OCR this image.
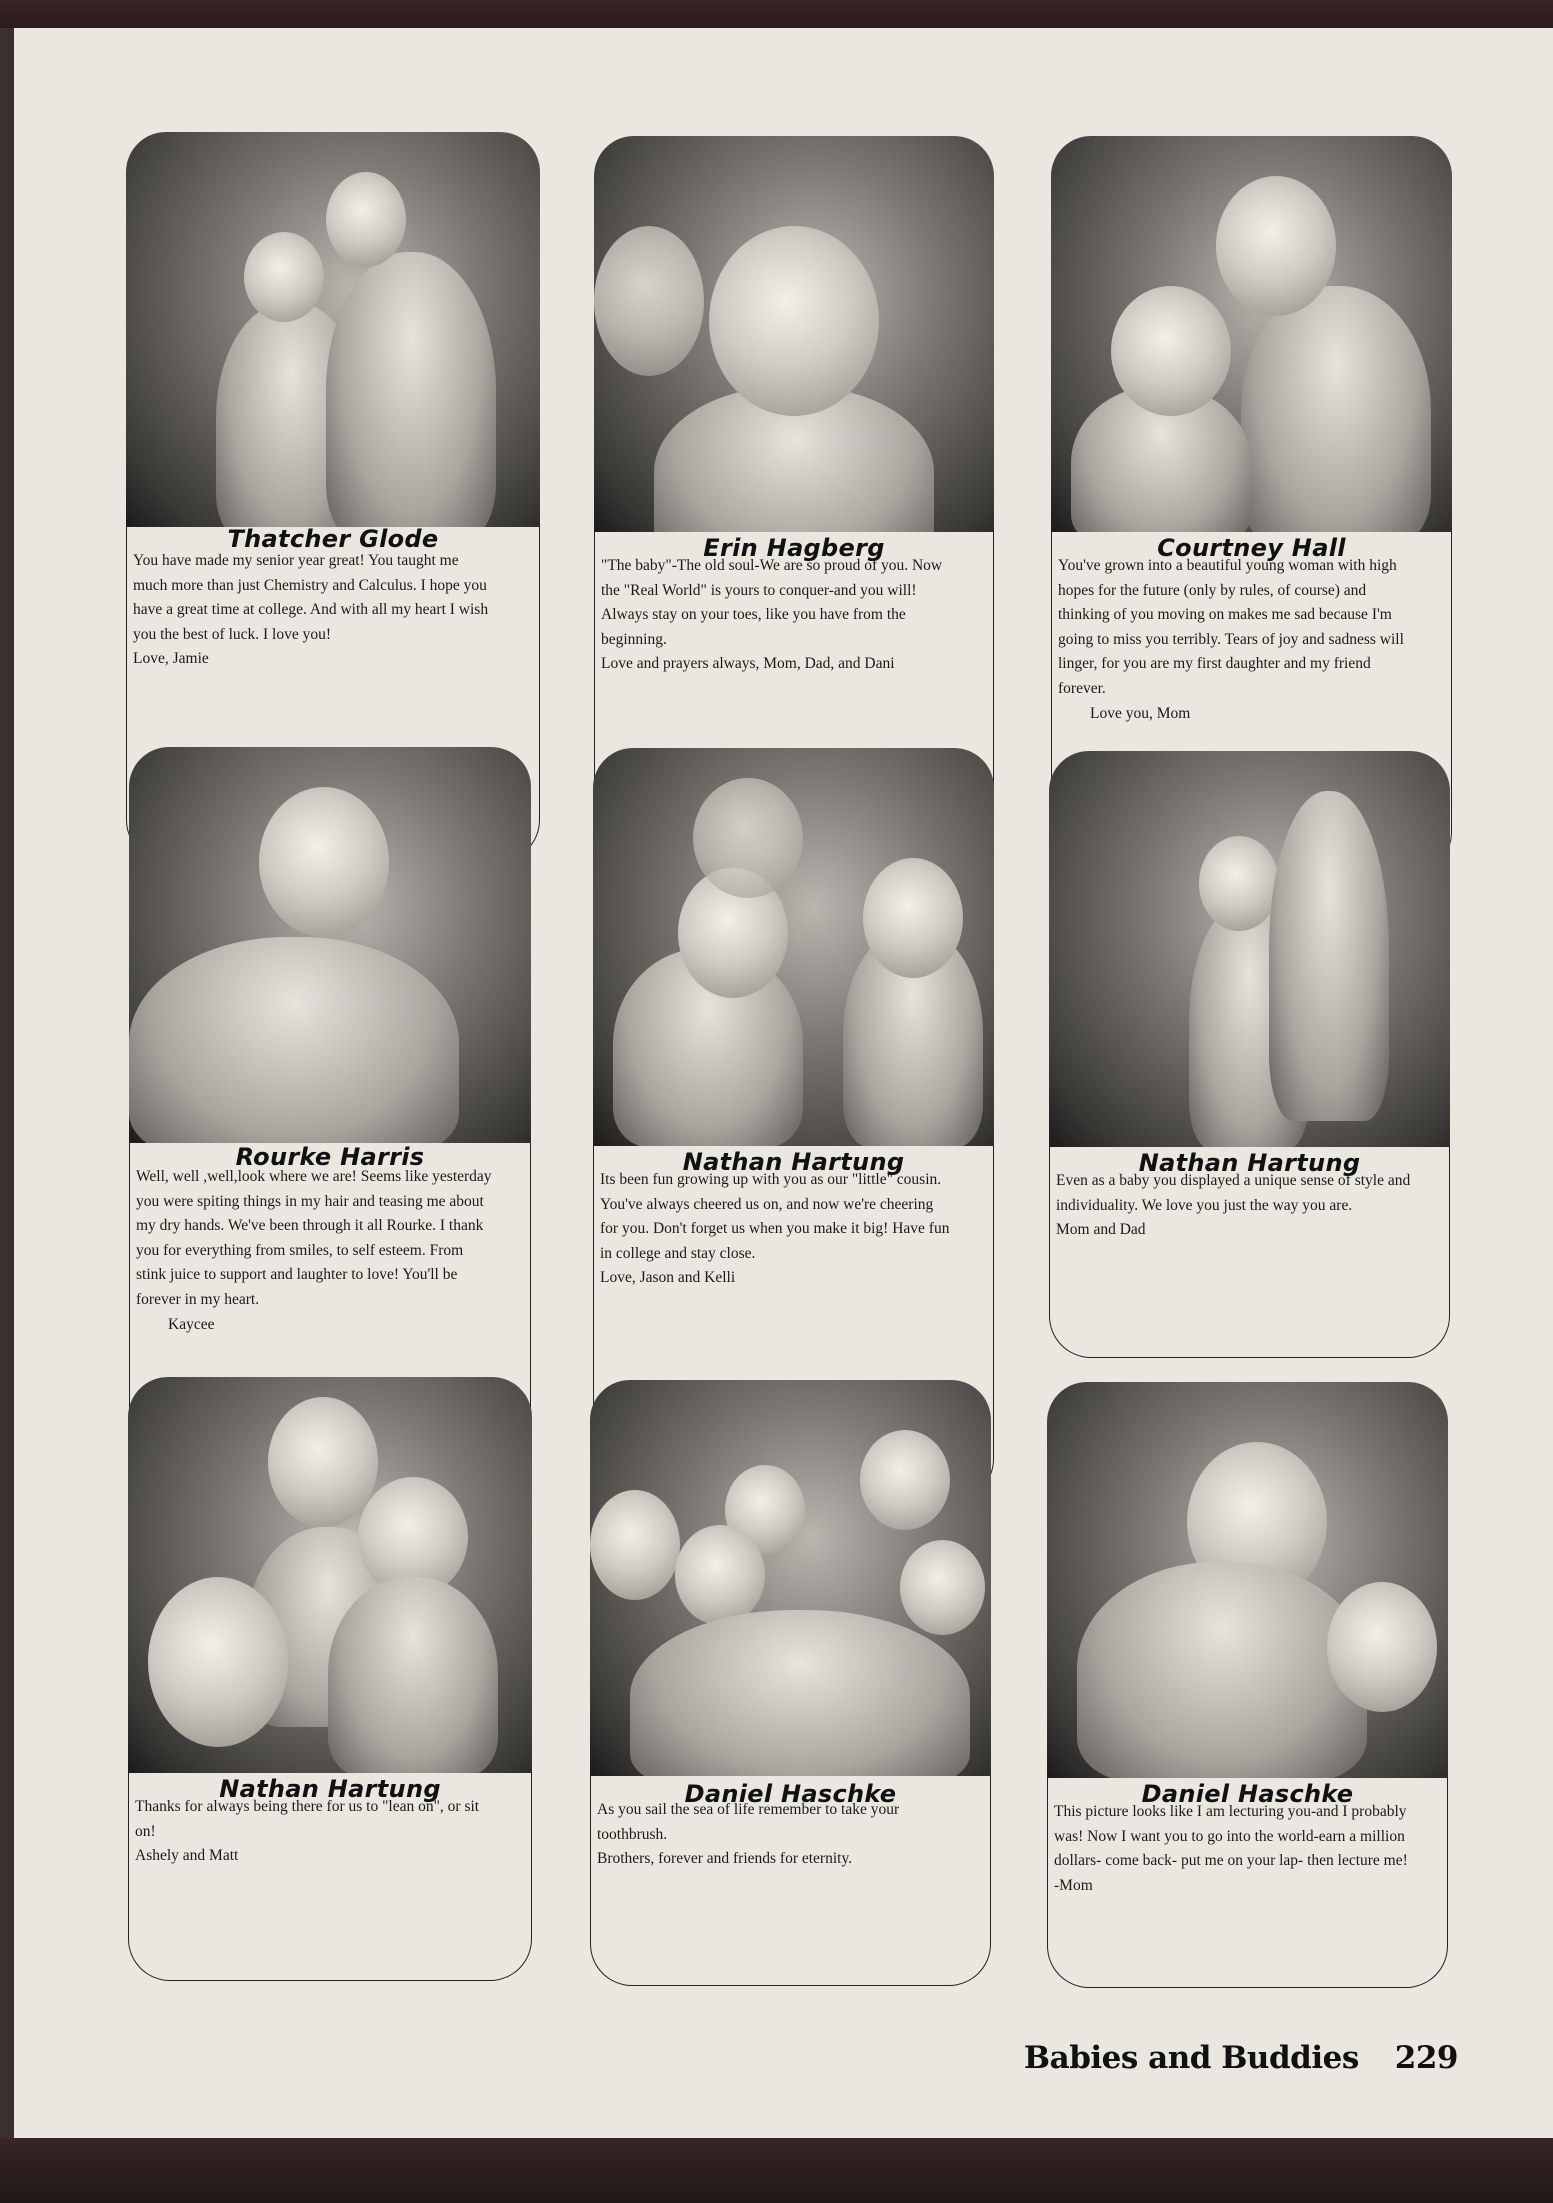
Thatcher Glode

You have made my senior year great! You taught me
much more than just Chemistry and Calculus. I hope you
have a great time at college. And with all my heart I wish
you the best of luck. I love you!
Love, Jamie

Erin Hagberg

"The baby"-The old soul-We are so proud of you. Now
the "Real World" is yours to conquer-and you will!
Always stay on your toes, like you have from the
beginning.
Love and prayers always, Mom, Dad, and Dani

Courtney Hall

You've grown into a beautiful young woman with high
hopes for the future (only by rules, of course) and
thinking of you moving on makes me sad because I'm
going to miss you terribly. Tears of joy and sadness will
linger, for you are my first daughter and my friend
forever.
Love you, Mom

Rourke Harris

Well, well ,well,look where we are! Seems like yesterday
you were spiting things in my hair and teasing me about
my dry hands. We've been through it all Rourke. I thank
you for everything from smiles, to self esteem. From
stink juice to support and laughter to love! You'll be
forever in my heart.
Kaycee

Nathan Hartung

Its been fun growing up with you as our "little" cousin.
You've always cheered us on, and now we're cheering
for you. Don't forget us when you make it big! Have fun
in college and stay close.
Love, Jason and Kelli

Nathan Hartung

Even as a baby you displayed a unique sense of style and
individuality. We love you just the way you are.
Mom and Dad

Nathan Hartung

Thanks for always being there for us to "lean on", or sit
on!
Ashely and Matt

Daniel Haschke

As you sail the sea of life remember to take your
toothbrush.
Brothers, forever and friends for eternity.

Daniel Haschke

This picture looks like I am lecturing you-and I probably
was! Now I want you to go into the world-earn a million
dollars- come back- put me on your lap- then lecture me!
-Mom

Babies and Buddies 229
